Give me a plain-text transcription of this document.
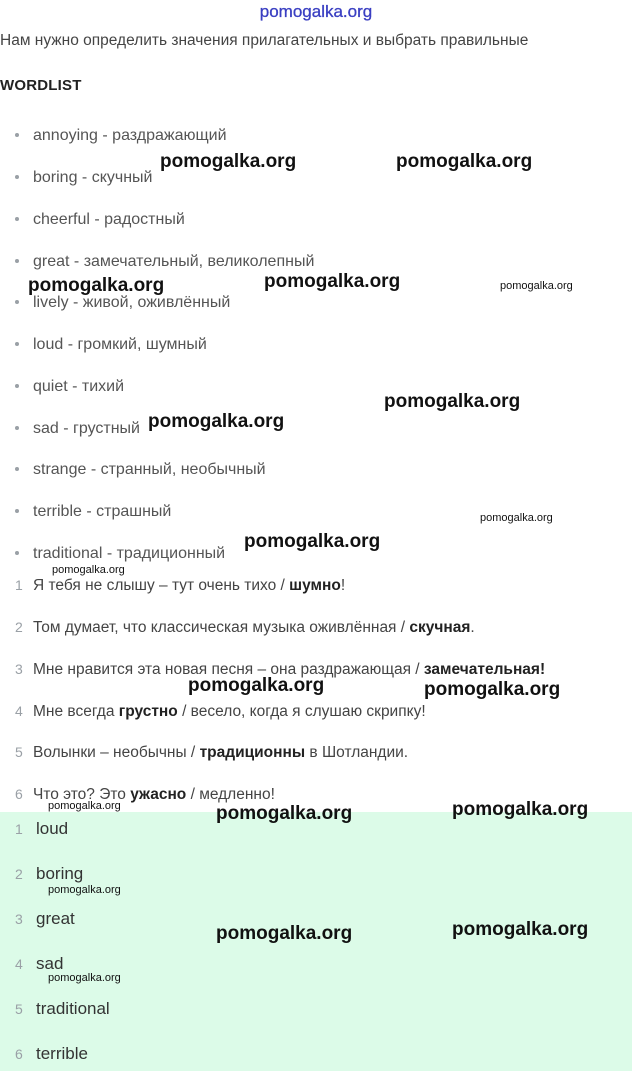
pomogalka.org
Нам нужно определить значения прилагательных и выбрать правильные
WORDLIST
annoying - раздражающий
boring - скучный
cheerful - радостный
great - замечательный, великолепный
lively - живой, оживлённый
loud - громкий, шумный
quiet - тихий
sad - грустный
strange - странный, необычный
terrible - страшный
traditional - традиционный
1 Я тебя не слышу – тут очень тихо / шумно!
2 Том думает, что классическая музыка оживлённая / скучная.
3 Мне нравится эта новая песня – она раздражающая / замечательная!
4 Мне всегда грустно / весело, когда я слушаю скрипку!
5 Волынки – необычны / традиционны в Шотландии.
6 Что это? Это ужасно / медленно!
1 loud
2 boring
3 great
4 sad
5 traditional
6 terrible
pomogalka.org	pomogalka.org
pomogalka.org	pomogalka.org	pomogalka.org
pomogalka.org
pomogalka.org
pomogalka.org
pomogalka.org
pomogalka.org
pomogalka.org	pomogalka.org
pomogalka.org	pomogalka.org
pomogalka.org
pomogalka.org
pomogalka.org
pomogalka.org
pomogalka.org
